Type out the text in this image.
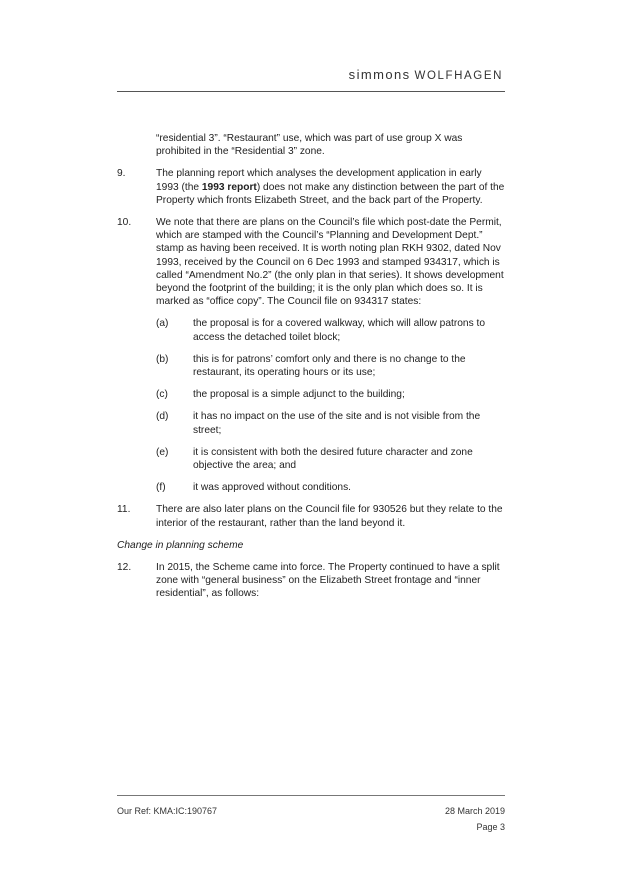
simmons WOLFHAGEN

“residential 3”. “Restaurant” use, which was part of use group X was prohibited in the “Residential 3” zone.

9.	The planning report which analyses the development application in early 1993 (the 1993 report) does not make any distinction between the part of the Property which fronts Elizabeth Street, and the back part of the Property.

10. We note that there are plans on the Council’s file which post-date the Permit, which are stamped with the Council’s “Planning and Development Dept.” stamp as having been received. It is worth noting plan RKH 9302, dated Nov 1993, received by the Council on 6 Dec 1993 and stamped 934317, which is called “Amendment No.2” (the only plan in that series). It shows development beyond the footprint of the building; it is the only plan which does so. It is marked as “office copy”. The Council file on 934317 states:

(a) the proposal is for a covered walkway, which will allow patrons to access the detached toilet block;

(b) this is for patrons’ comfort only and there is no change to the restaurant, its operating hours or its use;

(c) the proposal is a simple adjunct to the building;

(d) it has no impact on the use of the site and is not visible from the street;

(e) it is consistent with both the desired future character and zone objective the area; and

(f)	it was approved without conditions.

11.	There are also later plans on the Council file for 930526 but they relate to the interior of the restaurant, rather than the land beyond it.

Change in planning scheme

12. In 2015, the Scheme came into force. The Property continued to have a split zone with “general business” on the Elizabeth Street frontage and “inner residential”, as follows:

Our Ref: KMA:IC:190767	28 March 2019
Page 3
